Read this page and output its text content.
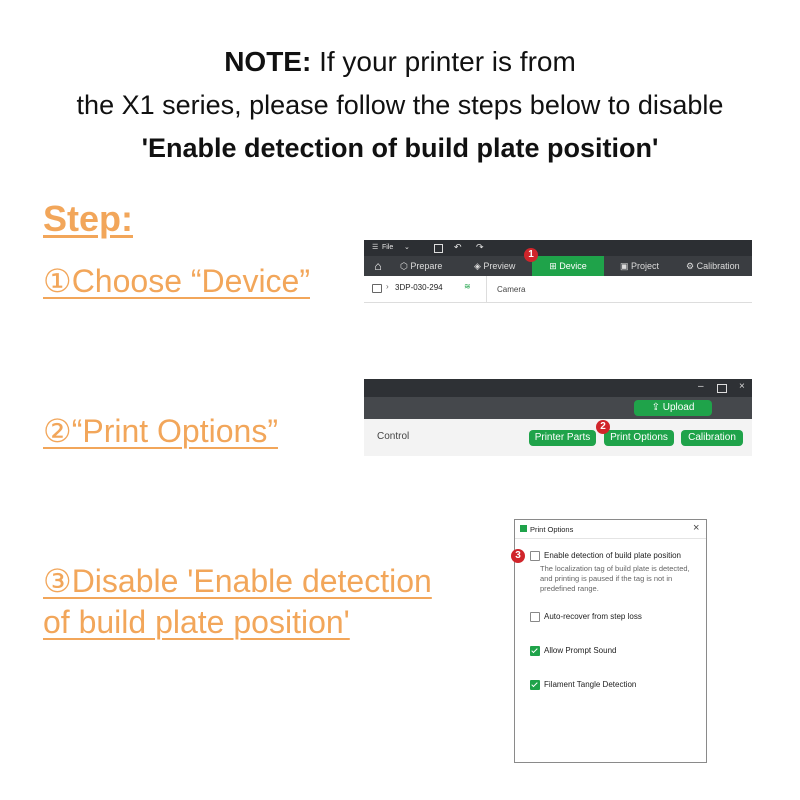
NOTE: If your printer is from
the X1 series, please follow the steps below to disable
'Enable detection of build plate position'
Step:
①Choose “Device”
②“Print Options”
③Disable 'Enable detection
of build plate position'
☰ File ⌄	↶ ↷
⌂	⬡ Prepare	◈ Preview	⊞ Device	▣ Project	⚙ Calibration
1
› 3DP-030-294	≋	Camera
–	×
⇪ Upload
Control	Printer Parts	Print Options	Calibration
2
Print Options	×
3	Enable detection of build plate position
The localization tag of build plate is detected, and printing is paused if the tag is not in predefined range.
Auto-recover from step loss
Allow Prompt Sound
Filament Tangle Detection
